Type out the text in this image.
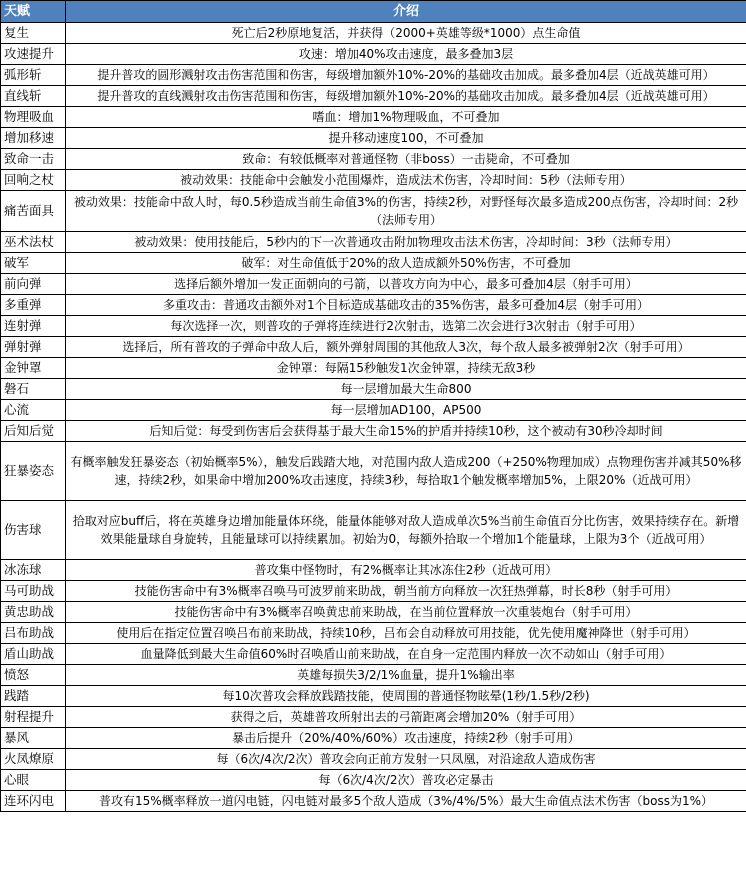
天赋	介绍
复生	死亡后2秒原地复活，并获得（2000+英雄等级*1000）点生命值
攻速提升	攻速：增加40%攻击速度，最多叠加3层
弧形斩	提升普攻的圆形溅射攻击伤害范围和伤害，每级增加额外10%-20%的基础攻击加成。最多叠加4层（近战英雄可用）
直线斩	提升普攻的直线溅射攻击伤害范围和伤害，每级增加额外10%-20%的基础攻击加成。最多叠加4层（近战英雄可用）
物理吸血	嗜血：增加1%物理吸血，不可叠加
增加移速	提升移动速度100，不可叠加
致命一击	致命：有较低概率对普通怪物（非boss）一击毙命，不可叠加
回响之杖	被动效果：技能命中会触发小范围爆炸，造成法术伤害，冷却时间：5秒（法师专用）
痛苦面具	被动效果：技能命中敌人时，每0.5秒造成当前生命值3%的伤害，持续2秒，对野怪每次最多造成200点伤害，冷却时间：2秒（法师专用）
巫术法杖	被动效果：使用技能后，5秒内的下一次普通攻击附加物理攻击法术伤害，冷却时间：3秒（法师专用）
破军	破军：对生命值低于20%的敌人造成额外50%伤害，不可叠加
前向弹	选择后额外增加一发正面朝向的弓箭，以普攻方向为中心，最多可叠加4层（射手可用）
多重弹	多重攻击：普通攻击额外对1个目标造成基础攻击的35%伤害，最多可叠加4层（射手可用）
连射弹	每次选择一次，则普攻的子弹将连续进行2次射击，选第二次会进行3次射击（射手可用）
弹射弹	选择后，所有普攻的子弹命中敌人后，额外弹射周围的其他敌人3次，每个敌人最多被弹射2次（射手可用）
金钟罩	金钟罩：每隔15秒触发1次金钟罩，持续无敌3秒
磐石	每一层增加最大生命800
心流	每一层增加AD100，AP500
后知后觉	后知后觉：每受到伤害后会获得基于最大生命15%的护盾并持续10秒，这个被动有30秒冷却时间
狂暴姿态	有概率触发狂暴姿态（初始概率5%），触发后践踏大地，对范围内敌人造成200（+250%物理加成）点物理伤害并减其50%移速，持续2秒，如果命中增加200%攻击速度，持续3秒，每拾取1个触发概率增加5%，上限20%（近战可用）
伤害球	拾取对应buff后，将在英雄身边增加能量体环绕，能量体能够对敌人造成单次5%当前生命值百分比伤害，效果持续存在。新增效果能量球自身旋转，且能量球可以持续累加。初始为0，每额外拾取一个增加1个能量球，上限为3个（近战可用）
冰冻球	普攻集中怪物时，有2%概率让其冰冻住2秒（近战可用）
马可助战	技能伤害命中有3%概率召唤马可波罗前来助战，朝当前方向释放一次狂热弹幕，时长8秒（射手可用）
黄忠助战	技能伤害命中有3%概率召唤黄忠前来助战，在当前位置释放一次重装炮台（射手可用）
吕布助战	使用后在指定位置召唤吕布前来助战，持续10秒，吕布会自动释放可用技能，优先使用魔神降世（射手可用）
盾山助战	血量降低到最大生命值60%时召唤盾山前来助战，在自身一定范围内释放一次不动如山（射手可用）
愤怒	英雄每损失3/2/1%血量，提升1%输出率
践踏	每10次普攻会释放践踏技能，使周围的普通怪物眩晕(1秒/1.5秒/2秒)
射程提升	获得之后，英雄普攻所射出去的弓箭距离会增加20%（射手可用）
暴风	暴击后提升（20%/40%/60%）攻击速度，持续2秒（射手可用）
火凤燎原	每（6次/4次/2次）普攻会向正前方发射一只凤凰，对沿途敌人造成伤害
心眼	每（6次/4次/2次）普攻必定暴击
连环闪电	普攻有15%概率释放一道闪电链，闪电链对最多5个敌人造成（3%/4%/5%）最大生命值点法术伤害（boss为1%）
